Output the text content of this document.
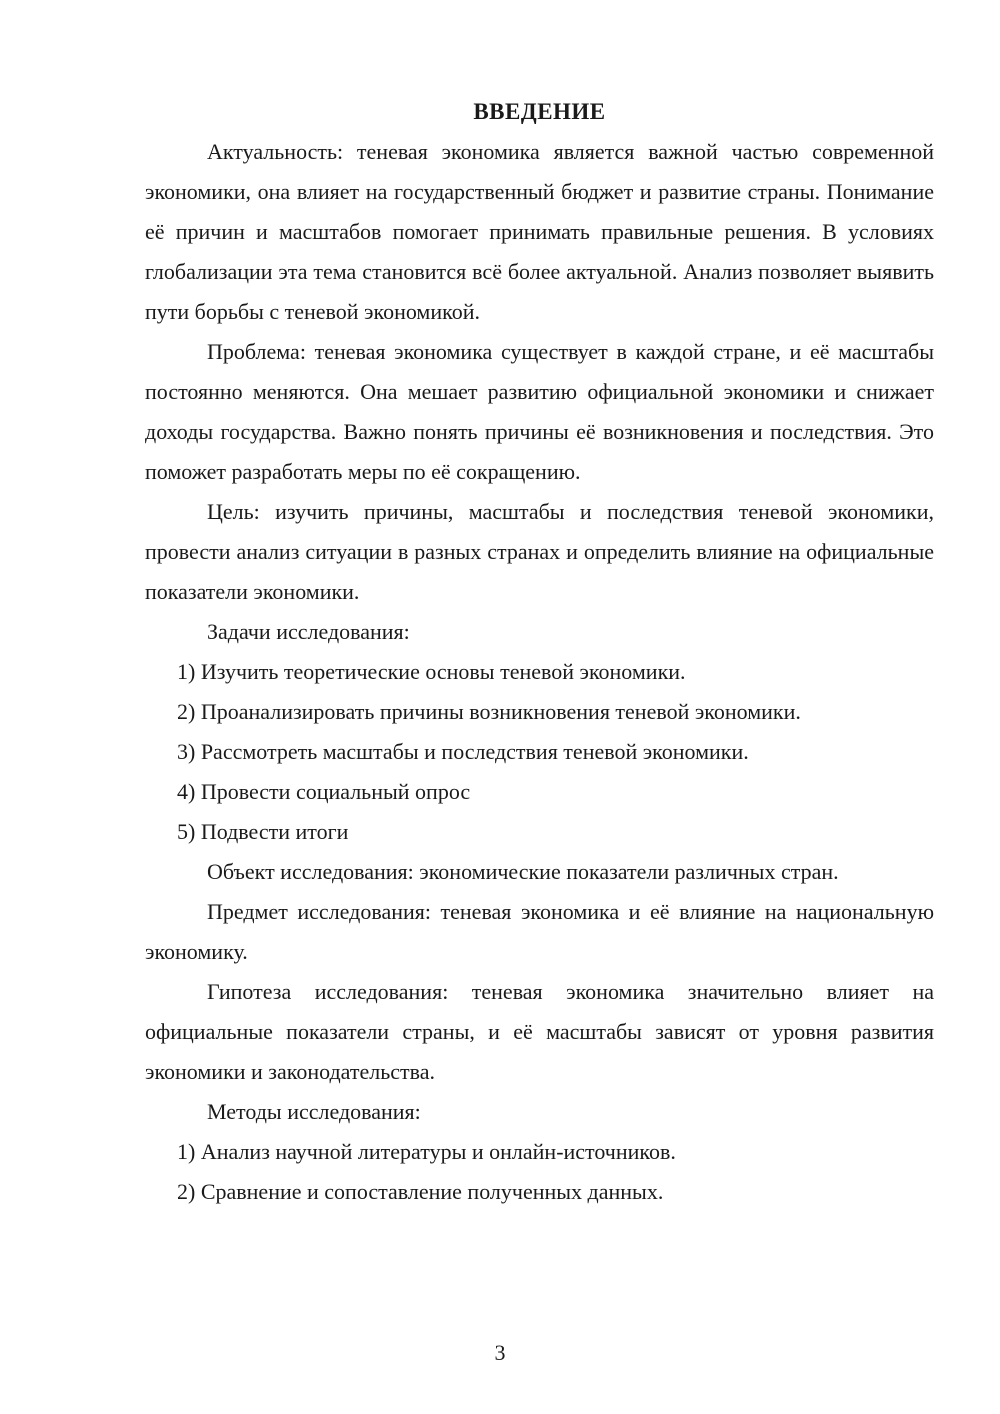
ВВЕДЕНИЕ

Актуальность: теневая экономика является важной частью современной экономики, она влияет на государственный бюджет и развитие страны. Понимание её причин и масштабов помогает принимать правильные решения. В условиях глобализации эта тема становится всё более актуальной. Анализ позволяет выявить пути борьбы с теневой экономикой.

Проблема: теневая экономика существует в каждой стране, и её масштабы постоянно меняются. Она мешает развитию официальной экономики и снижает доходы государства. Важно понять причины её возникновения и последствия. Это поможет разработать меры по её сокращению.

Цель: изучить причины, масштабы и последствия теневой экономики, провести анализ ситуации в разных странах и определить влияние на официальные показатели экономики.

Задачи исследования:

1) Изучить теоретические основы теневой экономики.

2) Проанализировать причины возникновения теневой экономики.

3) Рассмотреть масштабы и последствия теневой экономики.

4) Провести социальный опрос

5) Подвести итоги

Объект исследования: экономические показатели различных стран.

Предмет исследования: теневая экономика и её влияние на национальную экономику.

Гипотеза исследования: теневая экономика значительно влияет на официальные показатели страны, и её масштабы зависят от уровня развития экономики и законодательства.

Методы исследования:

1) Анализ научной литературы и онлайн-источников.

2) Сравнение и сопоставление полученных данных.

3
